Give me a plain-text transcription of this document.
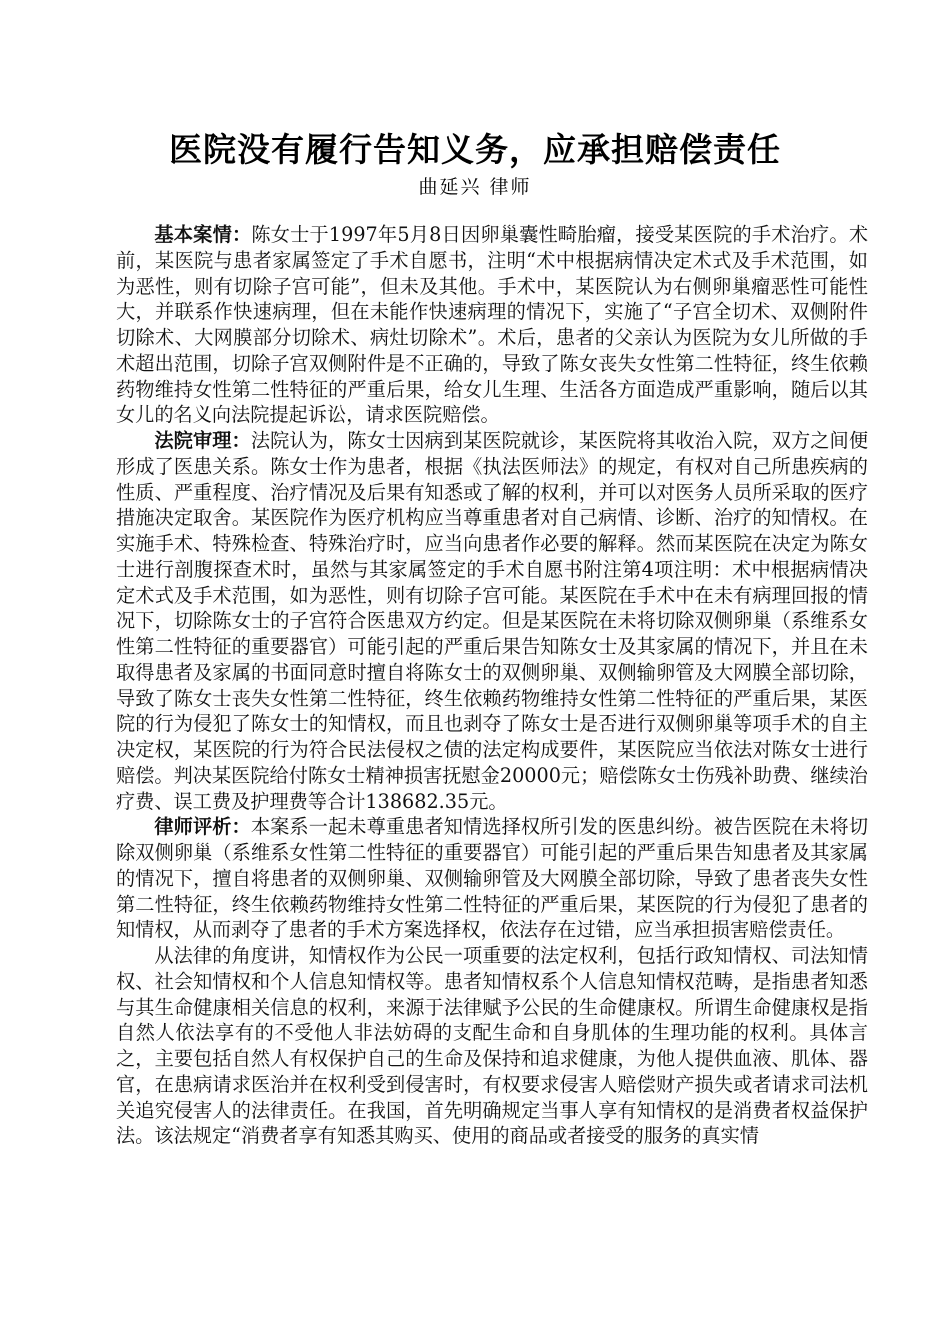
医院没有履行告知义务，应承担赔偿责任
曲延兴 律师

基本案情：陈女士于1997年5月8日因卵巢囊性畸胎瘤，接受某医院的手术治疗。术前，某医院与患者家属签定了手术自愿书，注明“术中根据病情决定术式及手术范围，如为恶性，则有切除子宫可能”，但未及其他。手术中，某医院认为右侧卵巢瘤恶性可能性大，并联系作快速病理，但在未能作快速病理的情况下，实施了“子宫全切术、双侧附件切除术、大网膜部分切除术、病灶切除术”。术后，患者的父亲认为医院为女儿所做的手术超出范围，切除子宫双侧附件是不正确的，导致了陈女丧失女性第二性特征，终生依赖药物维持女性第二性特征的严重后果，给女儿生理、生活各方面造成严重影响，随后以其女儿的名义向法院提起诉讼，请求医院赔偿。

法院审理：法院认为，陈女士因病到某医院就诊，某医院将其收治入院，双方之间便形成了医患关系。陈女士作为患者，根据《执法医师法》的规定，有权对自己所患疾病的性质、严重程度、治疗情况及后果有知悉或了解的权利，并可以对医务人员所采取的医疗措施决定取舍。某医院作为医疗机构应当尊重患者对自己病情、诊断、治疗的知情权。在实施手术、特殊检查、特殊治疗时，应当向患者作必要的解释。然而某医院在决定为陈女士进行剖腹探查术时，虽然与其家属签定的手术自愿书附注第4项注明：术中根据病情决定术式及手术范围，如为恶性，则有切除子宫可能。某医院在手术中在未有病理回报的情况下，切除陈女士的子宫符合医患双方约定。但是某医院在未将切除双侧卵巢（系维系女性第二性特征的重要器官）可能引起的严重后果告知陈女士及其家属的情况下，并且在未取得患者及家属的书面同意时擅自将陈女士的双侧卵巢、双侧输卵管及大网膜全部切除，导致了陈女士丧失女性第二性特征，终生依赖药物维持女性第二性特征的严重后果，某医院的行为侵犯了陈女士的知情权，而且也剥夺了陈女士是否进行双侧卵巢等项手术的自主决定权，某医院的行为符合民法侵权之债的法定构成要件，某医院应当依法对陈女士进行赔偿。判决某医院给付陈女士精神损害抚慰金20000元；赔偿陈女士伤残补助费、继续治疗费、误工费及护理费等合计138682.35元。

律师评析：本案系一起未尊重患者知情选择权所引发的医患纠纷。被告医院在未将切除双侧卵巢（系维系女性第二性特征的重要器官）可能引起的严重后果告知患者及其家属的情况下，擅自将患者的双侧卵巢、双侧输卵管及大网膜全部切除，导致了患者丧失女性第二性特征，终生依赖药物维持女性第二性特征的严重后果，某医院的行为侵犯了患者的知情权，从而剥夺了患者的手术方案选择权，依法存在过错，应当承担损害赔偿责任。

从法律的角度讲，知情权作为公民一项重要的法定权利，包括行政知情权、司法知情权、社会知情权和个人信息知情权等。患者知情权系个人信息知情权范畴，是指患者知悉与其生命健康相关信息的权利，来源于法律赋予公民的生命健康权。所谓生命健康权是指自然人依法享有的不受他人非法妨碍的支配生命和自身肌体的生理功能的权利。具体言之，主要包括自然人有权保护自己的生命及保持和追求健康，为他人提供血液、肌体、器官，在患病请求医治并在权利受到侵害时，有权要求侵害人赔偿财产损失或者请求司法机关追究侵害人的法律责任。在我国，首先明确规定当事人享有知情权的是消费者权益保护法。该法规定“消费者享有知悉其购买、使用的商品或者接受的服务的真实情
